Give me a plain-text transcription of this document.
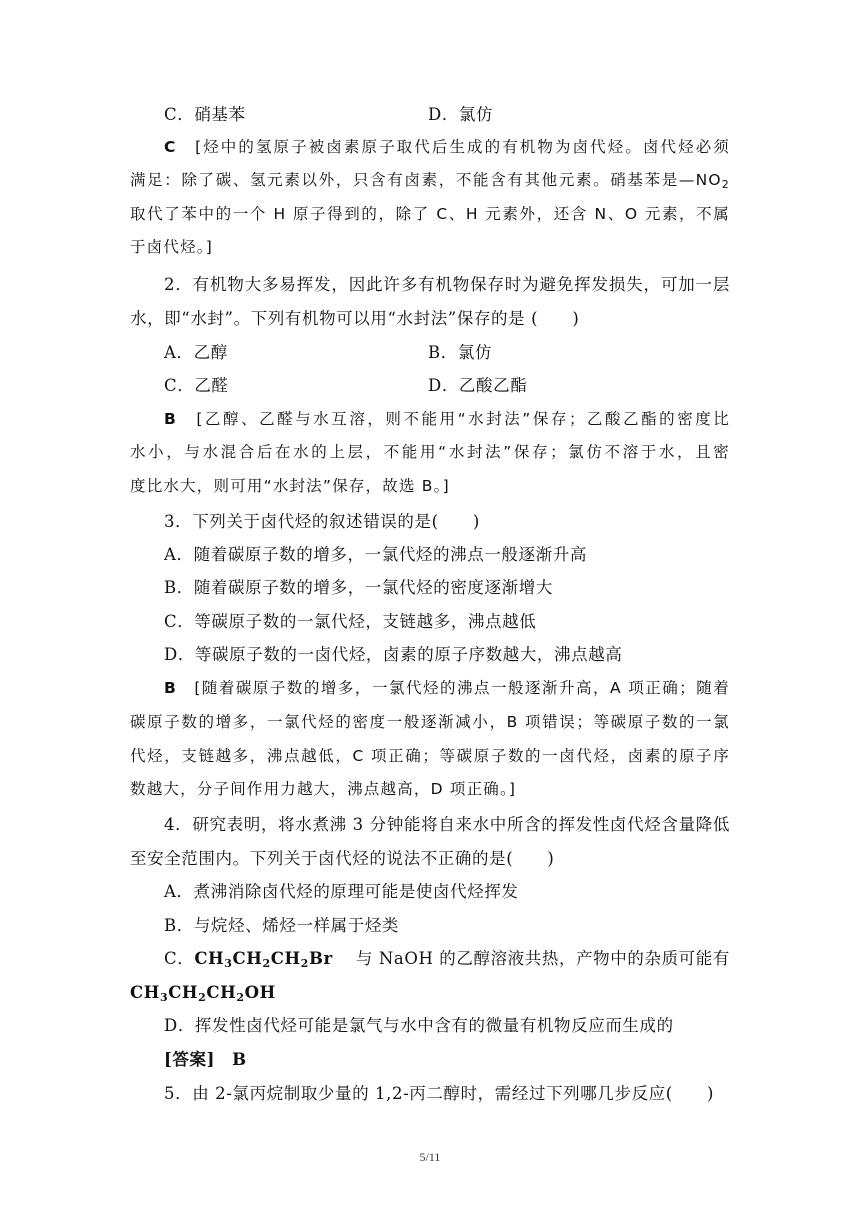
C．硝基苯	D．氯仿
C　 [烃中的氢原子被卤素原子取代后生成的有机物为卤代烃。卤代烃必须
满足：除了碳、氢元素以外，只含有卤素，不能含有其他元素。硝基苯是$—NO_2$
取代了苯中的一个 H 原子得到的，除了 C、H 元素外，还含 N、O 元素，不属
于卤代烃。]
2．有机物大多易挥发，因此许多有机物保存时为避免挥发损失，可加一层
水，即“水封”。下列有机物可以用“水封法”保存的是 (　　)
A．乙醇	B．氯仿
C．乙醛	D．乙酸乙酯
B　 [乙醇、乙醛与水互溶，则不能用“水封法”保存；乙酸乙酯的密度比
水小，与水混合后在水的上层，不能用“水封法”保存；氯仿不溶于水，且密
度比水大，则可用“水封法”保存，故选 B。]
3．下列关于卤代烃的叙述错误的是(　　)
A．随着碳原子数的增多，一氯代烃的沸点一般逐渐升高
B．随着碳原子数的增多，一氯代烃的密度逐渐增大
C．等碳原子数的一氯代烃，支链越多，沸点越低
D．等碳原子数的一卤代烃，卤素的原子序数越大，沸点越高
B　 [随着碳原子数的增多，一氯代烃的沸点一般逐渐升高，A 项正确；随着
碳原子数的增多，一氯代烃的密度一般逐渐减小，B 项错误；等碳原子数的一氯
代烃，支链越多，沸点越低，C 项正确；等碳原子数的一卤代烃，卤素的原子序
数越大，分子间作用力越大，沸点越高，D 项正确。]
4．研究表明，将水煮沸 3 分钟能将自来水中所含的挥发性卤代烃含量降低
至安全范围内。下列关于卤代烃的说法不正确的是(　　)
A．煮沸消除卤代烃的原理可能是使卤代烃挥发
B．与烷烃、烯烃一样属于烃类
C．$CH_3CH_2CH_2Br$ 与 NaOH 的乙醇溶液共热，产物中的杂质可能有
$CH_3CH_2CH_2OH$
D．挥发性卤代烃可能是氯气与水中含有的微量有机物反应而生成的
[答案]　 B
5．由 2-氯丙烷制取少量的 1,2-丙二醇时，需经过下列哪几步反应(　　)
5/11
